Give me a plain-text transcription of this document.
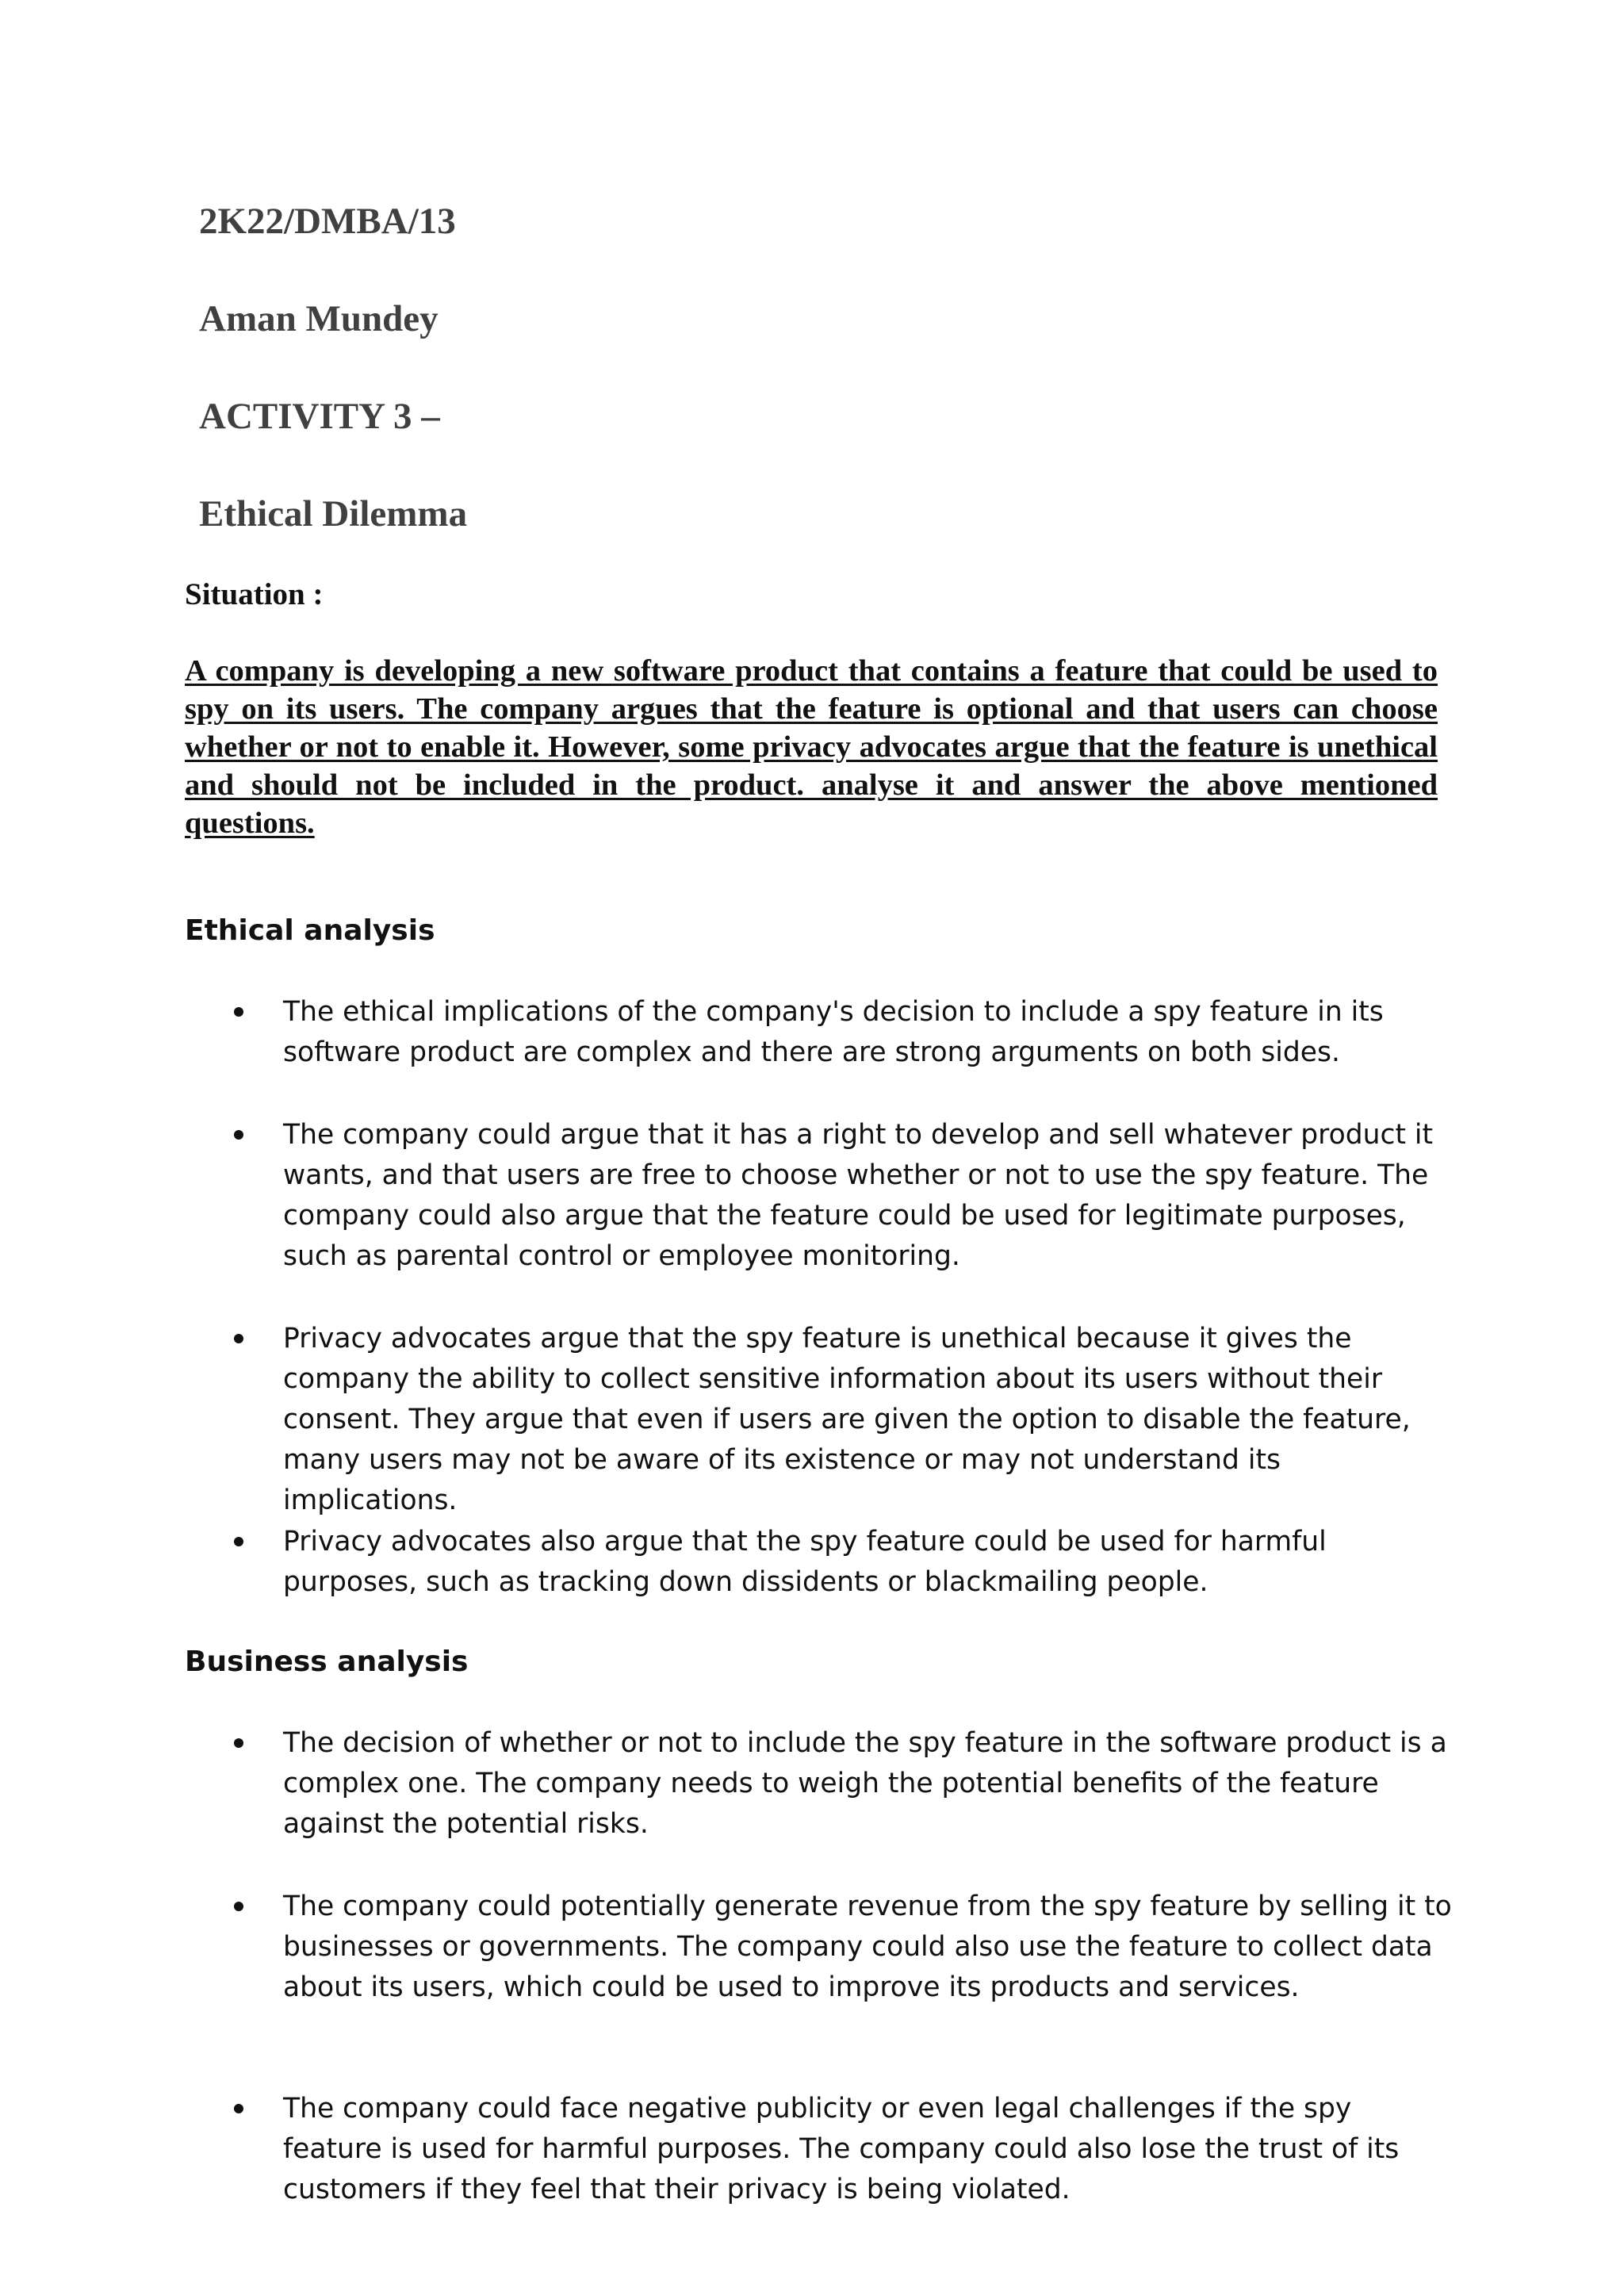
2K22/DMBA/13
Aman Mundey
ACTIVITY 3 –
Ethical Dilemma

Situation :

A company is developing a new software product that contains a feature that could be used to spy on its users. The company argues that the feature is optional and that users can choose whether or not to enable it. However, some privacy advocates argue that the feature is unethical and should not be included in the product. analyse it and answer the above mentioned questions.

Ethical analysis

The ethical implications of the company's decision to include a spy feature in its software product are complex and there are strong arguments on both sides.

The company could argue that it has a right to develop and sell whatever product it wants, and that users are free to choose whether or not to use the spy feature. The company could also argue that the feature could be used for legitimate purposes, such as parental control or employee monitoring.

Privacy advocates argue that the spy feature is unethical because it gives the company the ability to collect sensitive information about its users without their consent. They argue that even if users are given the option to disable the feature, many users may not be aware of its existence or may not understand its implications.

Privacy advocates also argue that the spy feature could be used for harmful purposes, such as tracking down dissidents or blackmailing people.

Business analysis

The decision of whether or not to include the spy feature in the software product is a complex one. The company needs to weigh the potential benefits of the feature against the potential risks.

The company could potentially generate revenue from the spy feature by selling it to businesses or governments. The company could also use the feature to collect data about its users, which could be used to improve its products and services.

The company could face negative publicity or even legal challenges if the spy feature is used for harmful purposes. The company could also lose the trust of its customers if they feel that their privacy is being violated.
